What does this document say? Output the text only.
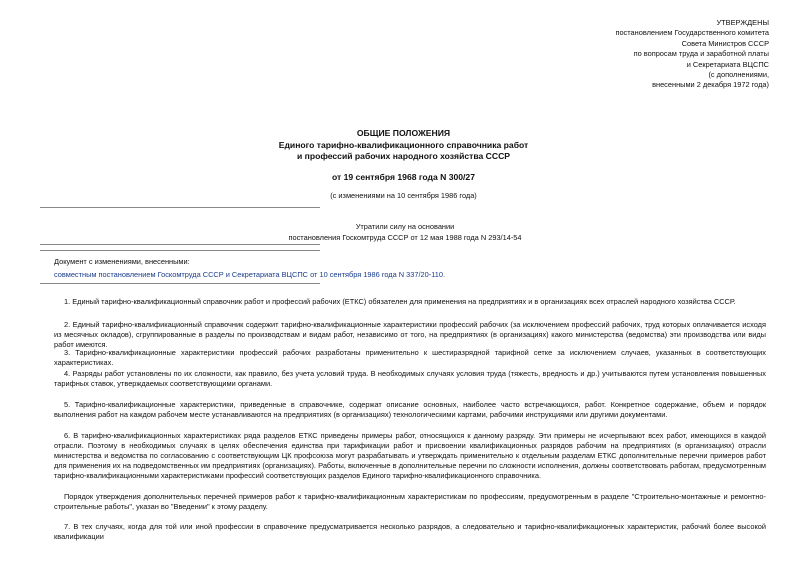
УТВЕРЖДЕНЫ
постановлением Государственного комитета
Совета Министров СССР
по вопросам труда и заработной платы
и Секретариата ВЦСПС
(с дополнениями,
внесенными 2 декабря 1972 года)
ОБЩИЕ ПОЛОЖЕНИЯ
Единого тарифно-квалификационного справочника работ
и профессий рабочих народного хозяйства СССР
от 19 сентября 1968 года N 300/27
(с изменениями на 10 сентября 1986 года)
Утратили силу на основании
постановления Госкомтруда СССР от 12 мая 1988 года N 293/14-54
Документ с изменениями, внесенными:
совместным постановлением Госкомтруда СССР и Секретариата ВЦСПС от 10 сентября 1986 года N 337/20-110.
1. Единый тарифно-квалификационный справочник работ и профессий рабочих (ЕТКС) обязателен для применения на предприятиях и в организациях всех отраслей народного хозяйства СССР.
2. Единый тарифно-квалификационный справочник содержит тарифно-квалификационные характеристики профессий рабочих (за исключением профессий рабочих, труд которых оплачивается исходя из месячных окладов), сгруппированные в разделы по производствам и видам работ, независимо от того, на предприятиях (в организациях) какого министерства (ведомства) эти производства или виды работ имеются.
3. Тарифно-квалификационные характеристики профессий рабочих разработаны применительно к шестиразрядной тарифной сетке за исключением случаев, указанных в соответствующих характеристиках.
4. Разряды работ установлены по их сложности, как правило, без учета условий труда. В необходимых случаях условия труда (тяжесть, вредность и др.) учитываются путем установления повышенных тарифных ставок, утверждаемых соответствующими органами.
5. Тарифно-квалификационные характеристики, приведенные в справочнике, содержат описание основных, наиболее часто встречающихся, работ. Конкретное содержание, объем и порядок выполнения работ на каждом рабочем месте устанавливаются на предприятиях (в организациях) технологическими картами, рабочими инструкциями или другими документами.
6. В тарифно-квалификационных характеристиках ряда разделов ЕТКС приведены примеры работ, относящихся к данному разряду. Эти примеры не исчерпывают всех работ, имеющихся в каждой отрасли. Поэтому в необходимых случаях в целях обеспечения единства при тарификации работ и присвоении квалификационных разрядов рабочим на предприятиях (в организациях) отрасли министерства и ведомства по согласованию с соответствующим ЦК профсоюза могут разрабатывать и утверждать применительно к отдельным разделам ЕТКС дополнительные перечни примеров работ для применения их на подведомственных им предприятиях (организациях). Работы, включенные в дополнительные перечни по сложности исполнения, должны соответствовать работам, предусмотренным тарифно-квалификационными характеристиками профессий соответствующих разделов Единого тарифно-квалификационного справочника.
Порядок утверждения дополнительных перечней примеров работ к тарифно-квалификационным характеристикам по профессиям, предусмотренным в разделе "Строительно-монтажные и ремонтно-строительные работы", указан во "Введении" к этому разделу.
7. В тех случаях, когда для той или иной профессии в справочнике предусматривается несколько разрядов, а следовательно и тарифно-квалификационных характеристик, рабочий более высокой квалификации
